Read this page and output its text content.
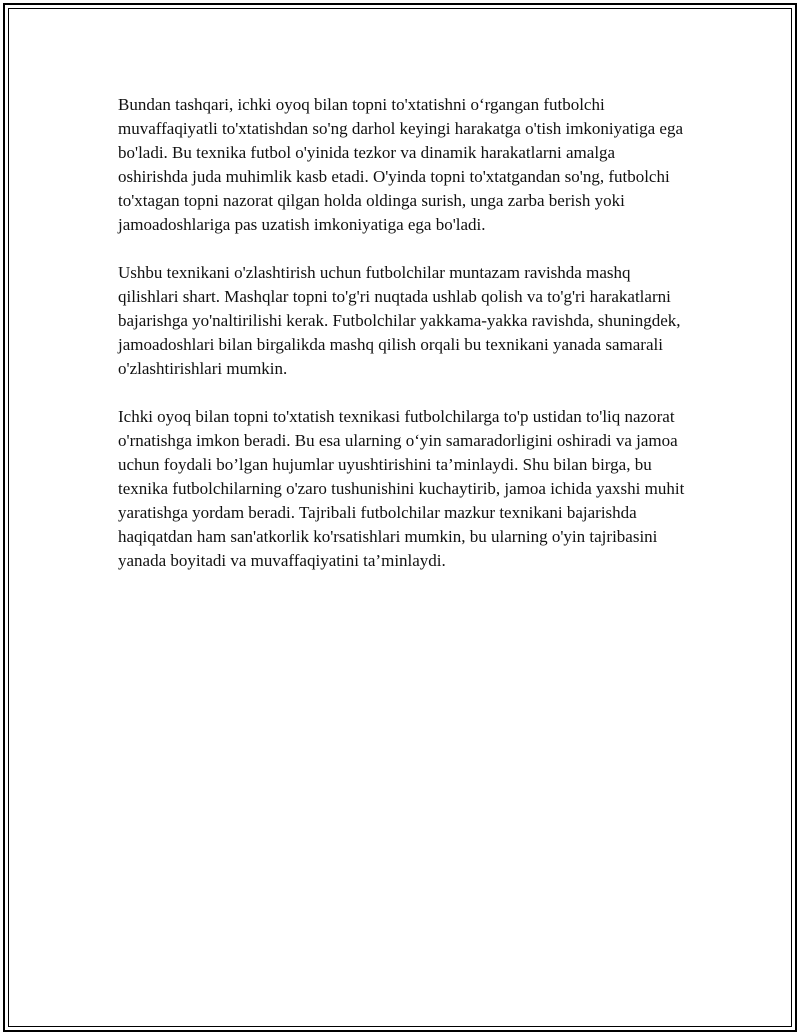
Bundan tashqari, ichki oyoq bilan topni to'xtatishni o‘rgangan futbolchi muvaffaqiyatli to'xtatishdan so'ng darhol keyingi harakatga o'tish imkoniyatiga ega bo'ladi. Bu texnika futbol o'yinida tezkor va dinamik harakatlarni amalga oshirishda juda muhimlik kasb etadi. O'yinda topni to'xtatgandan so'ng, futbolchi to'xtagan topni nazorat qilgan holda oldinga surish, unga zarba berish yoki jamoadoshlariga pas uzatish imkoniyatiga ega bo'ladi.

Ushbu texnikani o'zlashtirish uchun futbolchilar muntazam ravishda mashq qilishlari shart. Mashqlar topni to'g'ri nuqtada ushlab qolish va to'g'ri harakatlarni bajarishga yo'naltirilishi kerak. Futbolchilar yakkama-yakka ravishda, shuningdek, jamoadoshlari bilan birgalikda mashq qilish orqali bu texnikani yanada samarali o'zlashtirishlari mumkin.

Ichki oyoq bilan topni to'xtatish texnikasi futbolchilarga to'p ustidan to'liq nazorat o'rnatishga imkon beradi. Bu esa ularning o‘yin samaradorligini oshiradi va jamoa uchun foydali bo’lgan hujumlar uyushtirishini ta’minlaydi. Shu bilan birga, bu texnika futbolchilarning o'zaro tushunishini kuchaytirib, jamoa ichida yaxshi muhit yaratishga yordam beradi. Tajribali futbolchilar mazkur texnikani bajarishda haqiqatdan ham san'atkorlik ko'rsatishlari mumkin, bu ularning o'yin tajribasini yanada boyitadi va muvaffaqiyatini ta’minlaydi.
